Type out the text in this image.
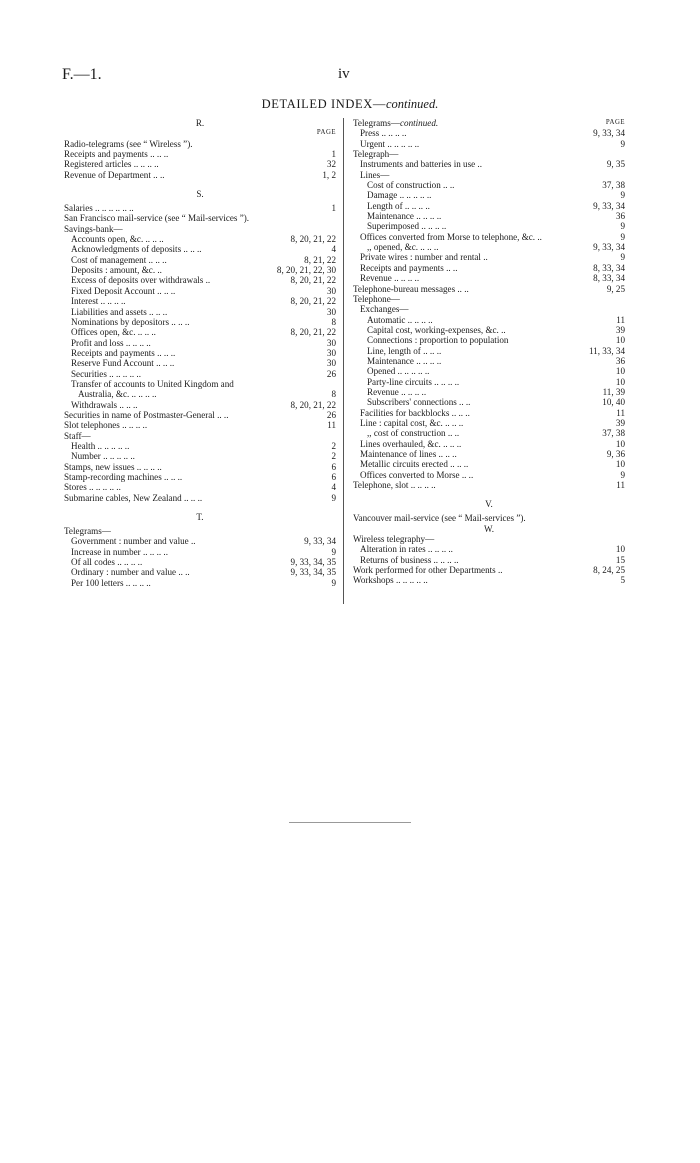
F.—1.	iv
DETAILED INDEX—continued.
R.
PAGE
Radio-telegrams (see “ Wireless ”).
Receipts and payments .. .. ..	1
Registered articles .. .. .. ..	32
Revenue of Department .. ..	1, 2
S.
Salaries .. .. .. .. .. ..	1
San Francisco mail-service (see “ Mail-services ”).
Savings-bank—
Accounts open, &c. .. .. ..	8, 20, 21, 22
Acknowledgments of deposits .. .. ..	4
Cost of management .. .. ..	8, 21, 22
Deposits : amount, &c. ..	8, 20, 21, 22, 30
Excess of deposits over withdrawals ..	8, 20, 21, 22
Fixed Deposit Account .. .. ..	30
Interest .. .. .. ..	8, 20, 21, 22
Liabilities and assets .. .. ..	30
Nominations by depositors .. .. ..	8
Offices open, &c. .. .. ..	8, 20, 21, 22
Profit and loss .. .. .. ..	30
Receipts and payments .. .. ..	30
Reserve Fund Account .. .. ..	30
Securities .. .. .. .. ..	26
Transfer of accounts to United Kingdom and
Australia, &c. .. .. .. ..	8
Withdrawals .. .. ..	8, 20, 21, 22
Securities in name of Postmaster-General .. ..	26
Slot telephones .. .. .. ..	11
Staff—
Health .. .. .. .. ..	2
Number .. .. .. .. ..	2
Stamps, new issues .. .. .. ..	6
Stamp-recording machines .. .. ..	6
Stores .. .. .. .. ..	4
Submarine cables, New Zealand .. .. ..	9
T.
Telegrams—
Government : number and value ..	9, 33, 34
Increase in number .. .. .. ..	9
Of all codes .. .. .. ..	9, 33, 34, 35
Ordinary : number and value .. ..	9, 33, 34, 35
Per 100 letters .. .. .. ..	9
Telegrams— continued.	PAGE
Press .. .. .. ..	9, 33, 34
Urgent .. .. .. .. ..	9
Telegraph—
Instruments and batteries in use ..	9, 35
Lines—
Cost of construction .. ..	37, 38
Damage .. .. .. .. ..	9
Length of .. .. .. ..	9, 33, 34
Maintenance .. .. .. ..	36
Superimposed .. .. .. ..	9
Offices converted from Morse to telephone, &c. ..	9
,, opened, &c. .. .. ..	9, 33, 34
Private wires : number and rental ..	9
Receipts and payments .. ..	8, 33, 34
Revenue .. .. .. ..	8, 33, 34
Telephone-bureau messages .. ..	9, 25
Telephone—
Exchanges—
Automatic .. .. .. ..	11
Capital cost, working-expenses, &c. ..	39
Connections : proportion to population	10
Line, length of .. .. ..	11, 33, 34
Maintenance .. .. .. ..	36
Opened .. .. .. .. ..	10
Party-line circuits .. .. .. ..	10
Revenue .. .. .. ..	11, 39
Subscribers' connections .. ..	10, 40
Facilities for backblocks .. .. ..	11
Line : capital cost, &c. .. .. ..	39
,, cost of construction .. ..	37, 38
Lines overhauled, &c. .. .. ..	10
Maintenance of lines .. .. ..	9, 36
Metallic circuits erected .. .. ..	10
Offices converted to Morse .. ..	9
Telephone, slot .. .. .. ..	11
V.
Vancouver mail-service (see “ Mail-services ”).
W.
Wireless telegraphy—
Alteration in rates .. .. .. ..	10
Returns of business .. .. .. ..	15
Work performed for other Departments ..	8, 24, 25
Workshops .. .. .. .. ..	5
